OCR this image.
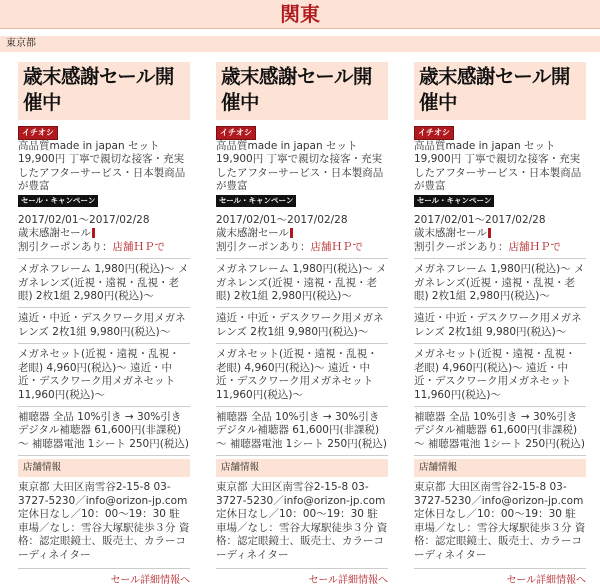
関東
東京都
歳末感謝セール開催中
イチオシ

高品質made in japan セット19,900円 丁寧で親切な接客・充実したアフターサービス・日本製商品が豊富

セール・キャンペーン

2017/02/01～2017/02/28

歳末感謝セール

割引クーポンあり：店舗ＨＰで

メガネフレーム 1,980円(税込)～ メガネレンズ(近視・遠視・乱視・老眼) 2枚1組 2,980円(税込)～
遠近・中近・デスクワーク用メガネレンズ 2枚1組 9,980円(税込)～
メガネセット(近視・遠視・乱視・老眼) 4,960円(税込)～ 遠近・中近・デスクワーク用メガネセット 11,960円(税込)～
補聴器 全品 10%引き → 30%引き デジタル補聴器 61,600円(非課税)～ 補聴器電池 1シート 250円(税込)
店舗情報
東京都 大田区南雪谷2-15-8 03-3727-5230／info@orizon-jp.com 定休日なし／10：00～19：30 駐車場／なし：雪谷大塚駅徒歩３分 資格：認定眼鏡士、販売士、カラーコーディネイター
セール詳細情報へ
歳末感謝セール開催中
イチオシ

高品質made in japan セット19,900円 丁寧で親切な接客・充実したアフターサービス・日本製商品が豊富

セール・キャンペーン

2017/02/01～2017/02/28

歳末感謝セール

割引クーポンあり：店舗ＨＰで

メガネフレーム 1,980円(税込)～ メガネレンズ(近視・遠視・乱視・老眼) 2枚1組 2,980円(税込)～
遠近・中近・デスクワーク用メガネレンズ 2枚1組 9,980円(税込)～
メガネセット(近視・遠視・乱視・老眼) 4,960円(税込)～ 遠近・中近・デスクワーク用メガネセット 11,960円(税込)～
補聴器 全品 10%引き → 30%引き デジタル補聴器 61,600円(非課税)～ 補聴器電池 1シート 250円(税込)
店舗情報
東京都 大田区南雪谷2-15-8 03-3727-5230／info@orizon-jp.com 定休日なし／10：00～19：30 駐車場／なし：雪谷大塚駅徒歩３分 資格：認定眼鏡士、販売士、カラーコーディネイター
セール詳細情報へ
歳末感謝セール開催中
イチオシ

高品質made in japan セット19,900円 丁寧で親切な接客・充実したアフターサービス・日本製商品が豊富

セール・キャンペーン

2017/02/01～2017/02/28

歳末感謝セール

割引クーポンあり：店舗ＨＰで

メガネフレーム 1,980円(税込)～ メガネレンズ(近視・遠視・乱視・老眼) 2枚1組 2,980円(税込)～
遠近・中近・デスクワーク用メガネレンズ 2枚1組 9,980円(税込)～
メガネセット(近視・遠視・乱視・老眼) 4,960円(税込)～ 遠近・中近・デスクワーク用メガネセット 11,960円(税込)～
補聴器 全品 10%引き → 30%引き デジタル補聴器 61,600円(非課税)～ 補聴器電池 1シート 250円(税込)
店舗情報
東京都 大田区南雪谷2-15-8 03-3727-5230／info@orizon-jp.com 定休日なし／10：00～19：30 駐車場／なし：雪谷大塚駅徒歩３分 資格：認定眼鏡士、販売士、カラーコーディネイター
セール詳細情報へ
